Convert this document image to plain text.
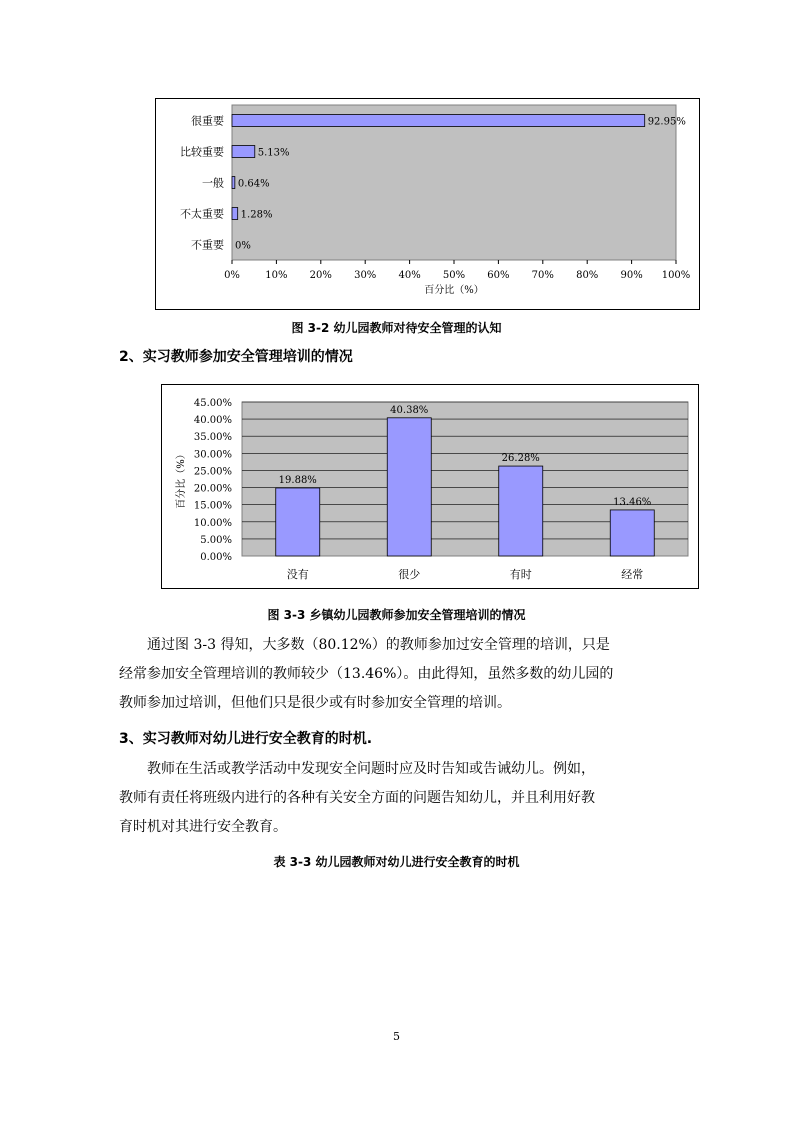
很重要	92.95%
比较重要	5.13%
一般 0.64%
不太重要 1.28%
不重要 0%
0%	10% 20% 30% 40% 50% 60% 70% 80% 90% 100%
百分比（%）
图 3-2 幼儿园教师对待安全管理的认知
2、实习教师参加安全管理培训的情况
0.00%
5.00%
10.00%
15.00%
20.00%
25.00%
30.00%
35.00%
40.00%
45.00%
百分比（%）	19.88%
没有
40.38%
很少
26.28%
有时
13.46%
经常
图 3-3 乡镇幼儿园教师参加安全管理培训的情况

通过图 3-3 得知，大多数（80.12%）的教师参加过安全管理的培训，只是

经常参加安全管理培训的教师较少（13.46%）。由此得知，虽然多数的幼儿园的

教师参加过培训，但他们只是很少或有时参加安全管理的培训。

3、实习教师对幼儿进行安全教育的时机.

教师在生活或教学活动中发现安全问题时应及时告知或告诫幼儿。例如，

教师有责任将班级内进行的各种有关安全方面的问题告知幼儿，并且利用好教

育时机对其进行安全教育。

表 3-3 幼儿园教师对幼儿进行安全教育的时机
5
